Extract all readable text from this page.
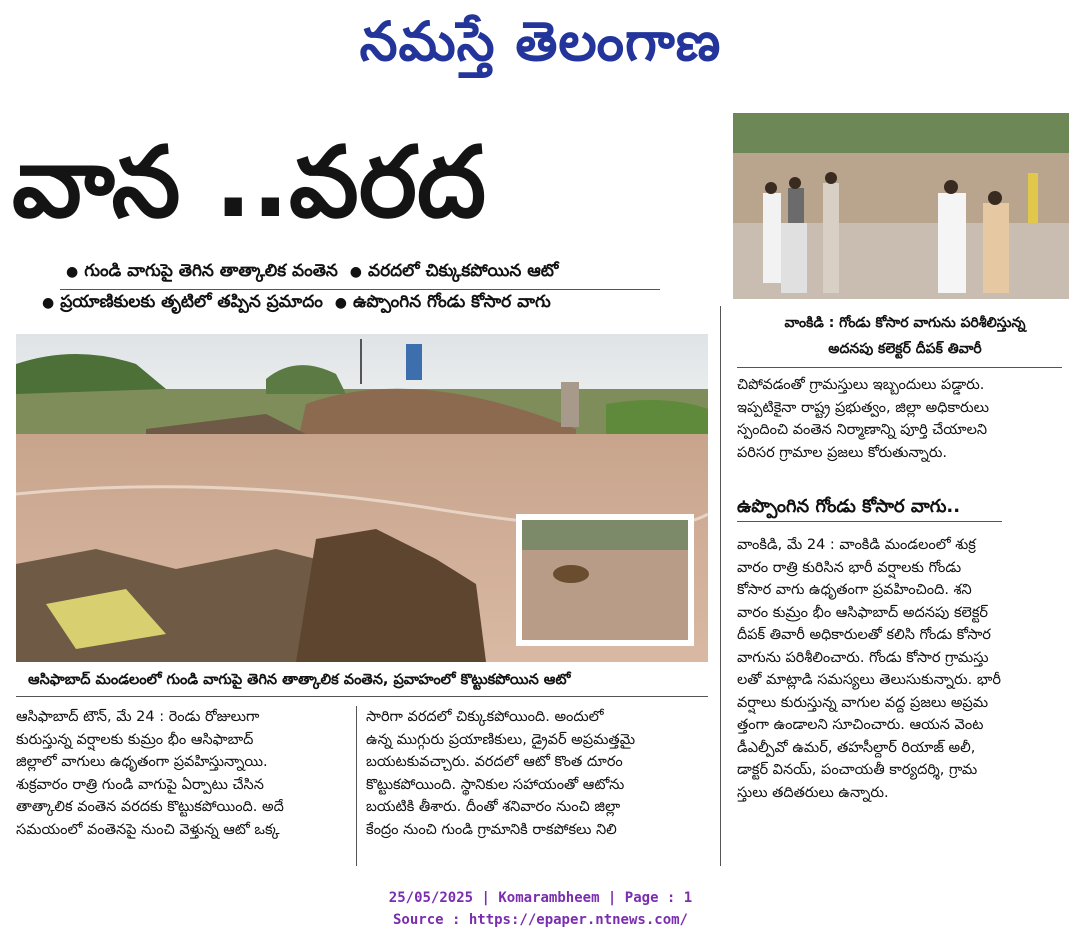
నమస్తే తెలంగాణ
వాన ..వరద
● గుండి వాగుపై తెగిన తాత్కాలిక వంతెన ● వరదలో చిక్కుకపోయిన ఆటో
● ప్రయాణికులకు తృటిలో తప్పిన ప్రమాదం ● ఉప్పొంగిన గోండు కోసార వాగు
ఆసిఫాబాద్ మండలంలో గుండి వాగుపై తెగిన తాత్కాలిక వంతెన, ప్రవాహంలో కొట్టుకపోయిన ఆటో
వాంకిడి : గోండు కోసార వాగును పరిశీలిస్తున్న
అదనపు కలెక్టర్ దీపక్ తివారీ
ఆసిఫాబాద్ టౌన్, మే 24 : రెండు రోజులుగా
కురుస్తున్న వర్షాలకు కుమ్రం భీం ఆసిఫాబాద్
జిల్లాలో వాగులు ఉధృతంగా ప్రవహిస్తున్నాయి.
శుక్రవారం రాత్రి గుండి వాగుపై ఏర్పాటు చేసిన
తాత్కాలిక వంతెన వరదకు కొట్టుకపోయింది. అదే
సమయంలో వంతెనపై నుంచి వెళ్తున్న ఆటో ఒక్క
సారిగా వరదలో చిక్కుకపోయింది. అందులో
ఉన్న ముగ్గురు ప్రయాణికులు, డ్రైవర్ అప్రమత్తమై
బయటకువచ్చారు. వరదలో ఆటో కొంత దూరం
కొట్టుకపోయింది. స్థానికుల సహాయంతో ఆటోను
బయటికి తీశారు. దీంతో శనివారం నుంచి జిల్లా
కేంద్రం నుంచి గుండి గ్రామానికి రాకపోకలు నిలి
చిపోవడంతో గ్రామస్తులు ఇబ్బందులు పడ్డారు.
ఇప్పటికైనా రాష్ట్ర ప్రభుత్వం, జిల్లా అధికారులు
స్పందించి వంతెన నిర్మాణాన్ని పూర్తి చేయాలని
పరిసర గ్రామాల ప్రజలు కోరుతున్నారు.
ఉప్పొంగిన గోండు కోసార వాగు..
వాంకిడి, మే 24 : వాంకిడి మండలంలో శుక్ర
వారం రాత్రి కురిసిన భారీ వర్షాలకు గోండు
కోసార వాగు ఉధృతంగా ప్రవహించింది. శని
వారం కుమ్రం భీం ఆసిఫాబాద్ అదనపు కలెక్టర్
దీపక్ తివారీ అధికారులతో కలిసి గోండు కోసార
వాగును పరిశీలించారు. గోండు కోసార గ్రామస్తు
లతో మాట్లాడి సమస్యలు తెలుసుకున్నారు. భారీ
వర్షాలు కురుస్తున్న వాగుల వద్ద ప్రజలు అప్రమ
త్తంగా ఉండాలని సూచించారు. ఆయన వెంట
డీఎల్పీవో ఉమర్, తహసీల్దార్ రియాజ్ అలీ,
డాక్టర్ వినయ్, పంచాయతీ కార్యదర్శి, గ్రామ
స్తులు తదితరులు ఉన్నారు.
25/05/2025 | Komarambheem | Page : 1
Source : https://epaper.ntnews.com/
